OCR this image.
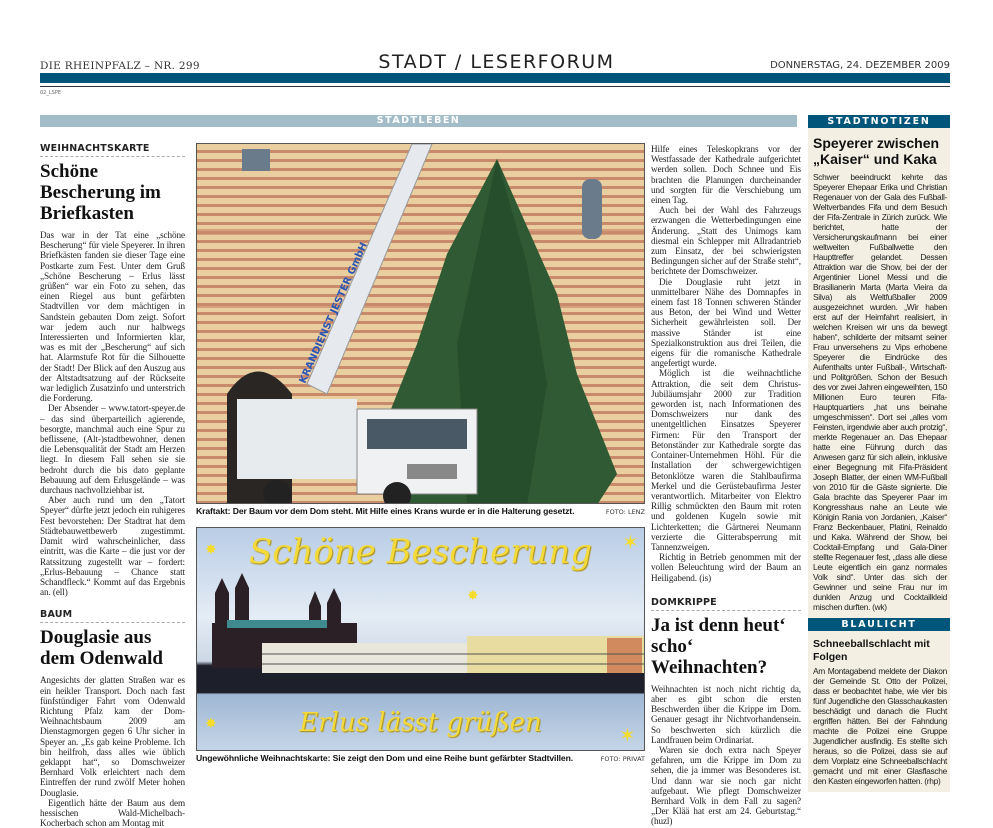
DIE RHEINPFALZ – NR. 299	STADT / LESERFORUM	DONNERSTAG, 24. DEZEMBER 2009
02_LSPE
STADTLEBEN
WEIHNACHTSKARTE
Schöne Bescherung im Briefkasten

Das war in der Tat eine „schöne Bescherung“ für viele Speyerer. In ihren Briefkästen fanden sie dieser Tage eine Postkarte zum Fest. Unter dem Gruß „Schöne Bescherung – Erlus lässt grüßen“ war ein Foto zu sehen, das einen Riegel aus bunt gefärbten Stadtvillen vor dem mächtigen in Sandstein gebauten Dom zeigt. Sofort war jedem auch nur halbwegs Interessierten und Informierten klar, was es mit der „Bescherung“ auf sich hat. Alarmstufe Rot für die Silhouette der Stadt! Der Blick auf den Auszug aus der Altstadtsatzung auf der Rückseite war lediglich Zusatzinfo und unterstrich die Forderung.

Der Absender – www.tatort-speyer.de – das sind überparteilich agierende, besorgte, manchmal auch eine Spur zu beflissene, (Alt-)stadtbewohner, denen die Lebensqualität der Stadt am Herzen liegt. In diesem Fall sehen sie sie bedroht durch die bis dato geplante Bebauung auf dem Erlusgelände – was durchaus nachvollziehbar ist.

Aber auch rund um den „Tatort Speyer“ dürfte jetzt jedoch ein ruhigeres Fest bevorstehen: Der Stadtrat hat dem Städtebauwettbewerb zugestimmt. Damit wird wahrscheinlicher, dass eintritt, was die Karte – die just vor der Ratssitzung zugestellt war – fordert: „Erlus-Bebauung – Chance statt Schandfleck.“ Kommt auf das Ergebnis an. (ell)

BAUM
Douglasie aus dem Odenwald

Angesichts der glatten Straßen war es ein heikler Transport. Doch nach fast fünfstündiger Fahrt vom Odenwald Richtung Pfalz kam der Dom-Weihnachtsbaum 2009 am Dienstagmorgen gegen 6 Uhr sicher in Speyer an. „Es gab keine Probleme. Ich bin heilfroh, dass alles wie üblich geklappt hat“, so Domschweizer Bernhard Volk erleichtert nach dem Eintreffen der rund zwölf Meter hohen Douglasie.

Eigentlich hätte der Baum aus dem hessischen Wald-Michelbach-Kocherbach schon am Montag mit

KRANDIENST JESTER GmbH
Kraftakt: Der Baum vor dem Dom steht. Mit Hilfe eines Krans wurde er in die Halterung gesetzt.	FOTO: LENZ
Schöne Bescherung
Erlus lässt grüßen
✸	✶
✸
✸
✶
Ungewöhnliche Weihnachtskarte: Sie zeigt den Dom und eine Reihe bunt gefärbter Stadtvillen.	FOTO: PRIVAT

Hilfe eines Teleskopkrans vor der Westfassade der Kathedrale aufgerichtet werden sollen. Doch Schnee und Eis brachten die Planungen durcheinander und sorgten für die Verschiebung um einen Tag.

Auch bei der Wahl des Fahrzeugs erzwangen die Wetterbedingungen eine Änderung. „Statt des Unimogs kam diesmal ein Schlepper mit Allradantrieb zum Einsatz, der bei schwierigsten Bedingungen sicher auf der Straße steht“, berichtete der Domschweizer.

Die Douglasie ruht jetzt in unmittelbarer Nähe des Domnapfes in einem fast 18 Tonnen schweren Ständer aus Beton, der bei Wind und Wetter Sicherheit gewährleisten soll. Der massive Ständer ist eine Spezialkonstruktion aus drei Teilen, die eigens für die romanische Kathedrale angefertigt wurde.

Möglich ist die weihnachtliche Attraktion, die seit dem Christus-Jubiläumsjahr 2000 zur Tradition geworden ist, nach Informationen des Domschweizers nur dank des unentgeltlichen Einsatzes Speyerer Firmen: Für den Transport der Betonständer zur Kathedrale sorgte das Container-Unternehmen Höhl. Für die Installation der schwergewichtigen Betonklötze waren die Stahlbaufirma Merkel und die Gerüstebaufirma Jester verantwortlich. Mitarbeiter von Elektro Rillig schmückten den Baum mit roten und goldenen Kugeln sowie mit Lichterketten; die Gärtnerei Neumann verzierte die Gitterabsperrung mit Tannenzweigen.

Richtig in Betrieb genommen mit der vollen Beleuchtung wird der Baum an Heiligabend. (is)

DOMKRIPPE
Ja ist denn heut‘ scho‘ Weihnachten?

Weihnachten ist noch nicht richtig da, aber es gibt schon die ersten Beschwerden über die Krippe im Dom. Genauer gesagt ihr Nichtvorhandensein. So beschwerten sich kürzlich die Landfrauen beim Ordinariat.

Waren sie doch extra nach Speyer gefahren, um die Krippe im Dom zu sehen, die ja immer was Besonderes ist. Und dann war sie noch gar nicht aufgebaut. Wie pflegt Domschweizer Bernhard Volk in dem Fall zu sagen? „Der Klää hat erst am 24. Geburtstag.“ (huzl)

STADTNOTIZEN
Speyerer zwischen „Kaiser“ und Kaka

Schwer beeindruckt kehrte das Speyerer Ehepaar Erika und Christian Regenauer von der Gala des Fußball-Weltverbandes Fifa und dem Besuch der Fifa-Zentrale in Zürich zurück. Wie berichtet, hatte der Versicherungskaufmann bei einer weltweiten Fußballwette den Haupttreffer gelandet. Dessen Attraktion war die Show, bei der der Argentinier Lionel Messi und die Brasilianerin Marta (Marta Vieira da Silva) als Weltfußballer 2009 ausgezeichnet wurden. „Wir haben erst auf der Heimfahrt realisiert, in welchen Kreisen wir uns da bewegt haben“, schilderte der mitsamt seiner Frau unversehens zu Vips erhobene Speyerer die Eindrücke des Aufenthalts unter Fußball-, Wirtschaft- und Politgrößen. Schon der Besuch des vor zwei Jahren eingeweihten, 150 Millionen Euro teuren Fifa-Hauptquartiers „hat uns beinahe umgeschmissen“. Dort sei „alles vom Feinsten, irgendwie aber auch protzig“, merkte Regenauer an. Das Ehepaar hatte eine Führung durch das Anwesen ganz für sich allein, inklusive einer Begegnung mit Fifa-Präsident Joseph Blatter, der einen WM-Fußball von 2010 für die Gäste signierte. Die Gala brachte das Speyerer Paar im Kongresshaus nahe an Leute wie Königin Rania von Jordanien, „Kaiser“ Franz Beckenbauer, Platini, Reinaldo und Kaka. Während der Show, bei Cocktail-Empfang und Gala-Diner stellte Regenauer fest, „dass alle diese Leute eigentlich ein ganz normales Volk sind“. Unter das sich der Gewinner und seine Frau nur im dunklen Anzug und Cocktailkleid mischen durften. (wk)

BLAULICHT
Schneeballschlacht mit Folgen

Am Montagabend meldete der Diakon der Gemeinde St. Otto der Polizei, dass er beobachtet habe, wie vier bis fünf Jugendliche den Glasschaukasten beschädigt und danach die Flucht ergriffen hätten. Bei der Fahndung machte die Polizei eine Gruppe Jugendlicher ausfindig. Es stellte sich heraus, so die Polizei, dass sie auf dem Vorplatz eine Schneeballschlacht gemacht und mit einer Glasflasche den Kasten eingeworfen hatten. (rhp)
